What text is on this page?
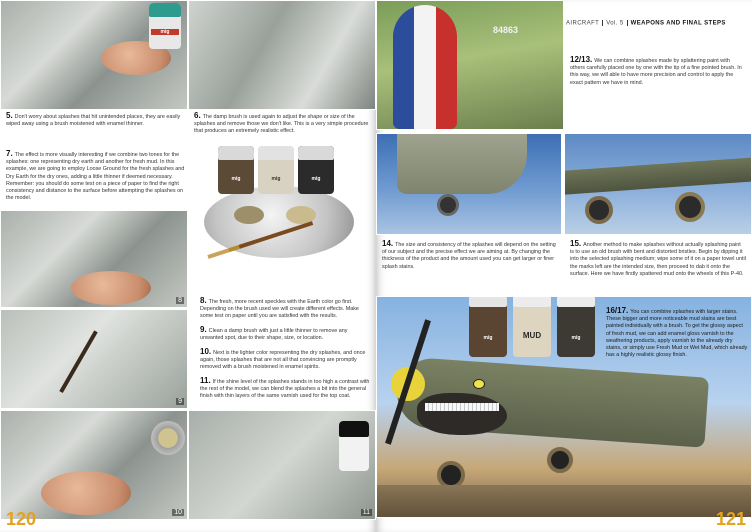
mig
5. Don't worry about splashes that hit unintended places, they are easily wiped away using a brush moistened with enamel thinner.
6. The damp brush is used again to adjust the shape or size of the splashes and remove those we don't like. This is a very simple procedure that produces an extremely realistic effect.
7. The effect is more visually interesting if we combine two tones for the splashes: one representing dry earth and another for fresh mud. In this example, we are going to employ Loose Ground for the fresh splashes and Dry Earth for the dry ones, adding a little thinner if deemed necessary. Remember: you should do some test on a piece of paper to find the right consistency and distance to the surface before attempting the splashes on the model.
mig	mig	mig
8
9
10	11
8. The fresh, more recent speckles with the Earth color go first. Depending on the brush used we will create different effects. Make some test on paper until you are satisfied with the results.
9. Clean a damp brush with just a little thinner to remove any unwanted spot, due to their shape, size, or location.
10. Next is the lighter color representing the dry splashes, and once again, those splashes that are not all that convincing are promptly removed with a brush moistened in enamel spirits.
11. If the shine level of the splashes stands in too high a contrast with the rest of the model, we can blend the splashes a bit into the general finish with thin layers of the same varnish used for the top coat.
120
84863
AIRCRAFT Vol. 5 WEAPONS AND FINAL STEPS
12/13. We can combine splashes made by splattering paint with others carefully placed one by one with the tip of a fine pointed brush. In this way, we will able to have more precision and control to apply the exact pattern we have in mind.
14. The size and consistency of the splashes will depend on the setting of our subject and the precise effect we are aiming at. By changing the thickness of the product and the amount used you can get larger or finer splash stains.
15. Another method to make splashes without actually splashing paint is to use an old brush with bent and distorted bristles. Begin by dipping it into the selected splashing medium; wipe some of it on a paper towel until the marks left are the intended size, then proceed to dab it onto the surface. Here we have firstly spattered mud onto the wheels of this P-40.
mig	MUD	mig
16/17. You can combine splashes with larger stains. These bigger and more noticeable mud stains are best painted individually with a brush. To get the glossy aspect of fresh mud, we can add enamel gloss varnish to the weathering products, apply varnish to the already dry stains, or simply use Fresh Mud or Wet Mud, which already has a highly realistic glossy finish.
121
